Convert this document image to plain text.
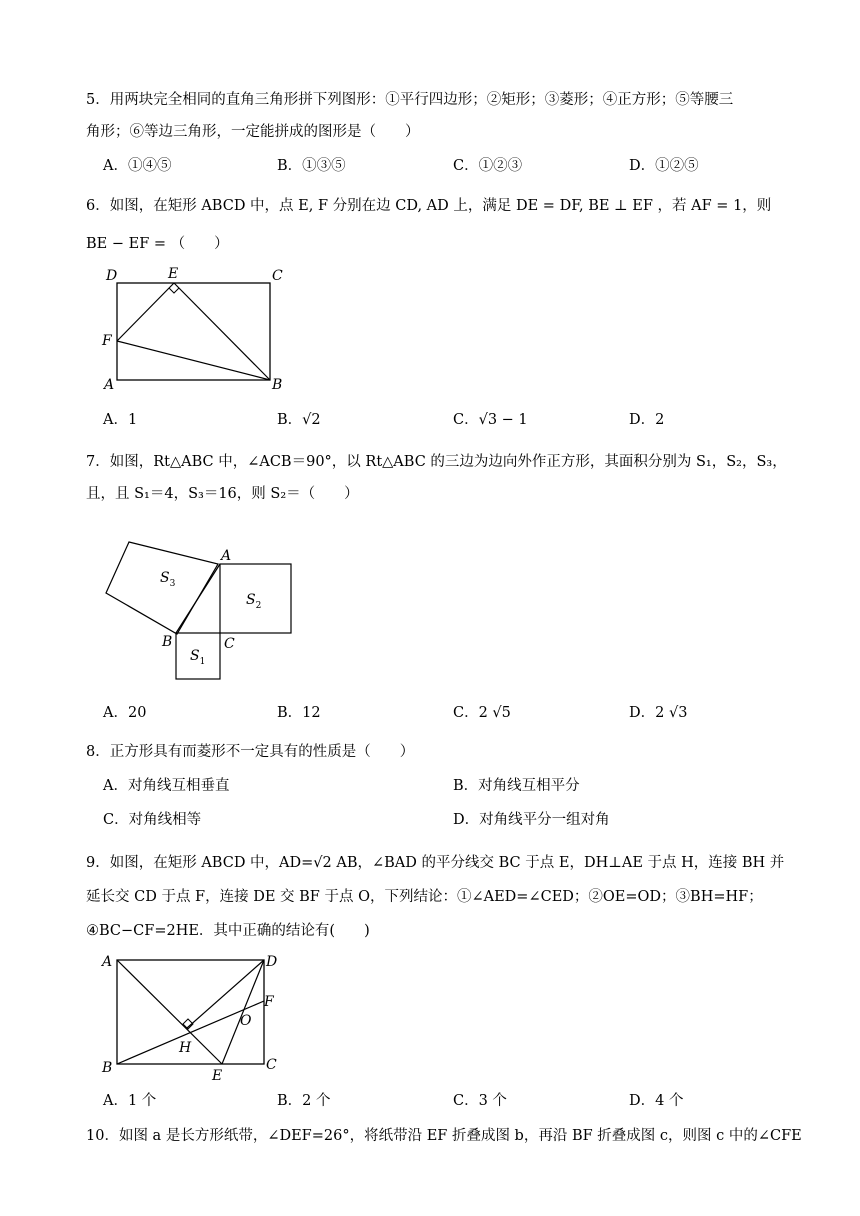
5．用两块完全相同的直角三角形拼下列图形：①平行四边形；②矩形；③菱形；④正方形；⑤等腰三
角形；⑥等边三角形，一定能拼成的图形是（　　）
A．①④⑤	B．①③⑤	C．①②③	D．①②⑤
6．如图，在矩形 ABCD 中，点 E, F 分别在边 CD, AD 上，满足 DE = DF, BE ⊥ EF ，若 AF = 1，则
BE − EF = （　　）
D	E	C
F
A	B
A．1	B．√2	C．√3 − 1	D．2
7．如图，Rt△ABC 中，∠ACB＝90°，以 Rt△ABC 的三边为边向外作正方形，其面积分别为 S₁，S₂，S₃，
且，且 S₁＝4，S₃＝16，则 S₂＝（　　）
A
B	C
$S_3$
$S_2$
$S_1$
A．20	B．12	C．2 √5	D．2 √3
8．正方形具有而菱形不一定具有的性质是（　　）
A．对角线互相垂直	B．对角线互相平分
C．对角线相等	D．对角线平分一组对角
9．如图，在矩形 ABCD 中，AD=√2 AB，∠BAD 的平分线交 BC 于点 E，DH⊥AE 于点 H，连接 BH 并
延长交 CD 于点 F，连接 DE 交 BF 于点 O，下列结论：①∠AED=∠CED；②OE=OD；③BH=HF；
④BC−CF=2HE．其中正确的结论有(　　)
A	D
B	C
F
O
H
E
A．1 个	B．2 个	C．3 个	D．4 个
10．如图 a 是长方形纸带，∠DEF=26°，将纸带沿 EF 折叠成图 b，再沿 BF 折叠成图 c，则图 c 中的∠CFE
